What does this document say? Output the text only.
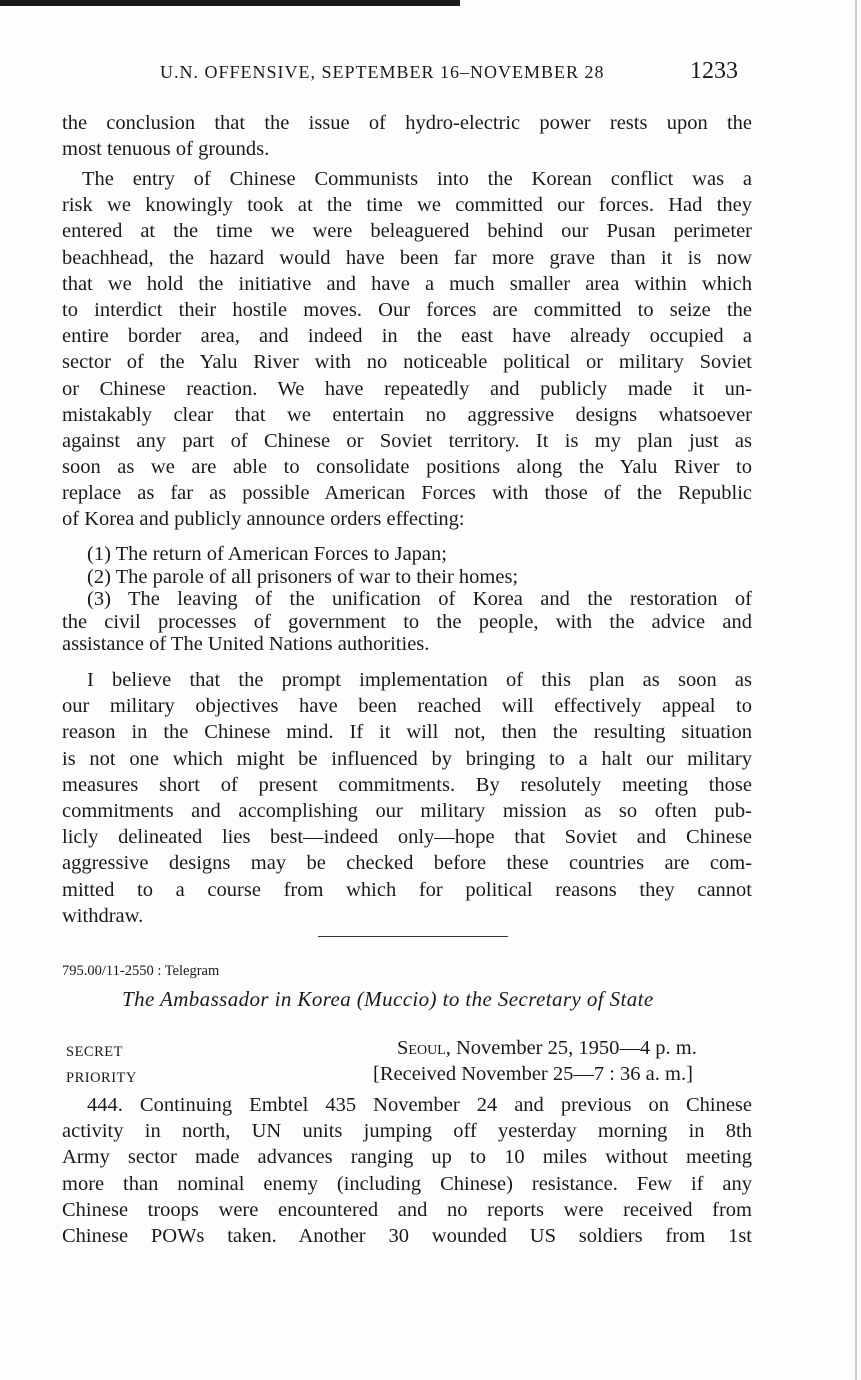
U.N. OFFENSIVE, SEPTEMBER 16–NOVEMBER 28	1233
the conclusion that the issue of hydro-electric power rests upon the
most tenuous of grounds.
The entry of Chinese Communists into the Korean conflict was a
risk we knowingly took at the time we committed our forces. Had they
entered at the time we were beleaguered behind our Pusan perimeter
beachhead, the hazard would have been far more grave than it is now
that we hold the initiative and have a much smaller area within which
to interdict their hostile moves. Our forces are committed to seize the
entire border area, and indeed in the east have already occupied a
sector of the Yalu River with no noticeable political or military Soviet
or Chinese reaction. We have repeatedly and publicly made it un-
mistakably clear that we entertain no aggressive designs whatsoever
against any part of Chinese or Soviet territory. It is my plan just as
soon as we are able to consolidate positions along the Yalu River to
replace as far as possible American Forces with those of the Republic
of Korea and publicly announce orders effecting:
(1) The return of American Forces to Japan;
(2) The parole of all prisoners of war to their homes;
(3) The leaving of the unification of Korea and the restoration of
the civil processes of government to the people, with the advice and
assistance of The United Nations authorities.
I believe that the prompt implementation of this plan as soon as
our military objectives have been reached will effectively appeal to
reason in the Chinese mind. If it will not, then the resulting situation
is not one which might be influenced by bringing to a halt our military
measures short of present commitments. By resolutely meeting those
commitments and accomplishing our military mission as so often pub-
licly delineated lies best—indeed only—hope that Soviet and Chinese
aggressive designs may be checked before these countries are com-
mitted to a course from which for political reasons they cannot
withdraw.
795.00/11-2550 : Telegram
The Ambassador in Korea (Muccio) to the Secretary of State
SECRET
PRIORITY
Seoul, November 25, 1950—4 p. m.
[Received November 25—7 : 36 a. m.]
444. Continuing Embtel 435 November 24 and previous on Chinese
activity in north, UN units jumping off yesterday morning in 8th
Army sector made advances ranging up to 10 miles without meeting
more than nominal enemy (including Chinese) resistance. Few if any
Chinese troops were encountered and no reports were received from
Chinese POWs taken. Another 30 wounded US soldiers from 1st
